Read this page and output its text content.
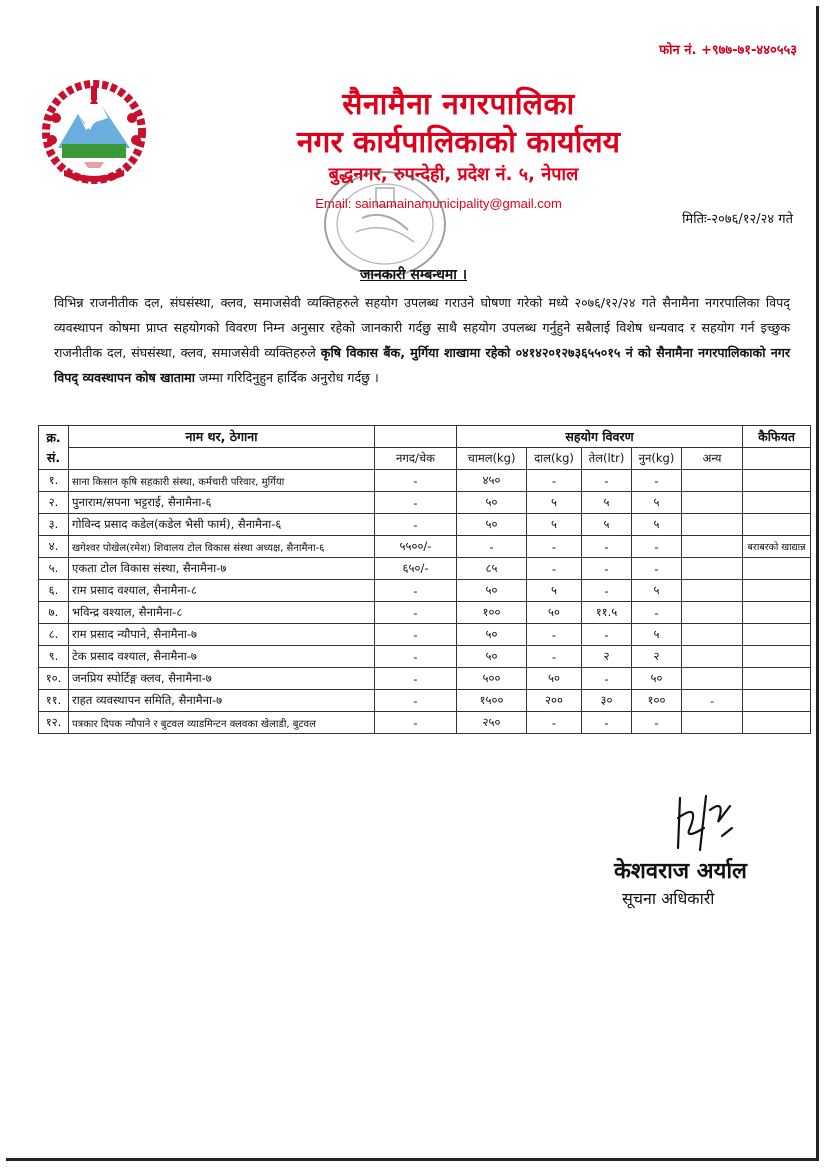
फोन नं. +९७७-७१-४४०५५३
सैनामैना नगरपालिका
नगर कार्यपालिकाको कार्यालय
बुद्धनगर, रुपन्देही, प्रदेश नं. ५, नेपाल
Email: sainamainamunicipality@gmail.com
मितिः-२०७६/१२/२४ गते
जानकारी सम्बन्धमा ।
विभिन्न राजनीतीक दल, संघसंस्था, क्लव, समाजसेवी व्यक्तिहरुले सहयोग उपलब्ध गराउने घोषणा गरेको मध्ये २०७६/१२/२४ गते सैनामैना नगरपालिका विपद् व्यवस्थापन कोषमा प्राप्त सहयोगको विवरण निम्न अनुसार रहेको जानकारी गर्दछु साथै सहयोग उपलब्ध गर्नुहुने सबैलाई विशेष धन्यवाद र सहयोग गर्न इच्छुक राजनीतीक दल, संघसंस्था, क्लव, समाजसेवी व्यक्तिहरुले कृषि विकास बैंक, मुर्गिया शाखामा रहेको ०४१४२०१२७३६५५०१५ नं को सैनामैना नगरपालिकाको नगर विपद् व्यवस्थापन कोष खातामा जम्मा गरिदिनुहुन हार्दिक अनुरोध गर्दछु ।
क्र. सं.	नाम थर, ठेगाना		सहयोग विवरण					कैफियत
		नगद/चेक	चामल(kg)	दाल(kg)	तेल(ltr)	नुन(kg)	अन्य	
१.	साना किसान कृषि सहकारी संस्था, कर्मचारी परिवार, मुर्गिया	-	४५०	-	-	-		
२.	पुनाराम/सपना भट्टराई, सैनामैना-६	-	५०	५	५	५		
३.	गोविन्द प्रसाद कडेल(कडेल भैसी फार्म), सैनामैना-६	-	५०	५	५	५		
४.	खगेश्वर पोखेल(रमेश) शिवालय टोल विकास संस्था अध्यक्ष, सैनामैना-६	५५००/-	-	-	-	-		बराबरको खाद्यान्न
५.	एकता टोल विकास संस्था, सैनामैना-७	६५०/-	८५	-	-	-		
६.	राम प्रसाद वश्याल, सैनामैना-८	-	५०	५	-	५		
७.	भविन्द्र वश्याल, सैनामैना-८	-	१००	५०	११.५	-		
८.	राम प्रसाद न्यौपाने, सैनामैना-७	-	५०	-	-	५		
९.	टेक प्रसाद वश्याल, सैनामैना-७	-	५०	-	२	२		
१०.	जनप्रिय स्पोर्टिङ्ग क्लव, सैनामैना-७	-	५००	५०	-	५०		
११.	राहत व्यवस्थापन समिति, सैनामैना-७	-	१५००	२००	३०	१००	-	
१२.	पत्रकार दिपक न्यौपाने र बुटवल व्याडमिन्टन क्लवका खेलाडी, बुटवल	-	२५०	-	-	-		
केशवराज अर्याल
सूचना अधिकारी
